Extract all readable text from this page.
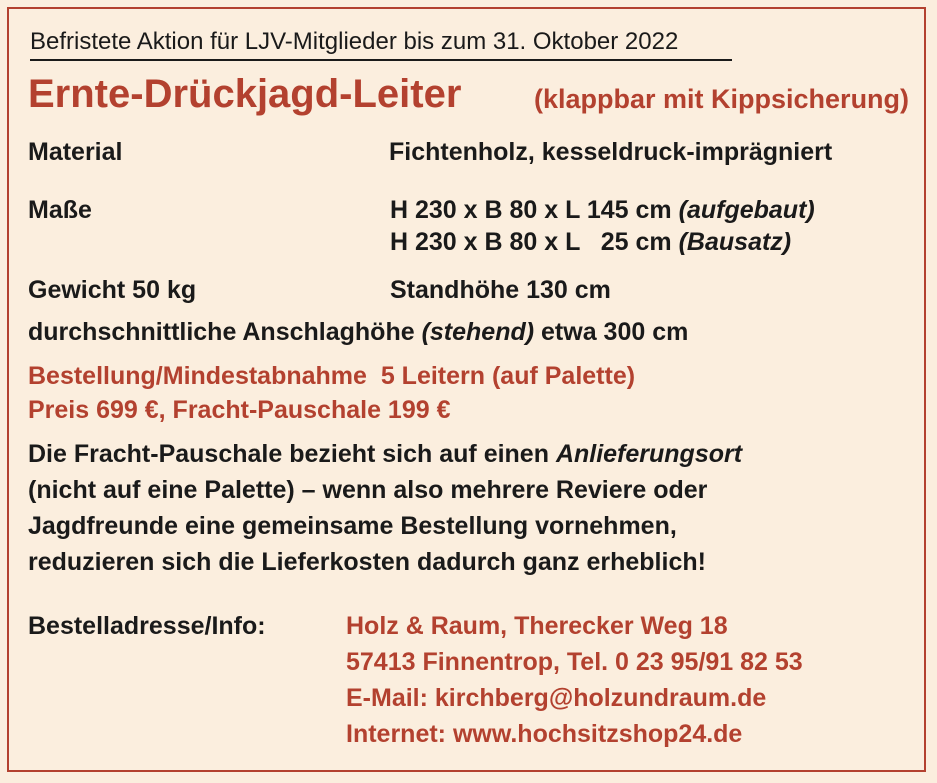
Befristete Aktion für LJV-Mitglieder bis zum 31. Oktober 2022
Ernte-Drückjagd-Leiter	(klappbar mit Kippsicherung)
Material	Fichtenholz, kesseldruck-imprägniert
Maße	H 230 x B 80 x L 145 cm (aufgebaut)
H 230 x B 80 x L   25 cm (Bausatz)
Gewicht 50 kg	Standhöhe 130 cm
durchschnittliche Anschlaghöhe (stehend) etwa 300 cm
Bestellung/Mindestabnahme  5 Leitern (auf Palette)
Preis 699 €, Fracht-Pauschale 199 €
Die Fracht-Pauschale bezieht sich auf einen Anlieferungsort
(nicht auf eine Palette) – wenn also mehrere Reviere oder
Jagdfreunde eine gemeinsame Bestellung vornehmen,
reduzieren sich die Lieferkosten dadurch ganz erheblich!
Bestelladresse/Info:	Holz & Raum, Therecker Weg 18
57413 Finnentrop, Tel. 0 23 95/91 82 53
E-Mail: kirchberg@holzundraum.de
Internet: www.hochsitzshop24.de
